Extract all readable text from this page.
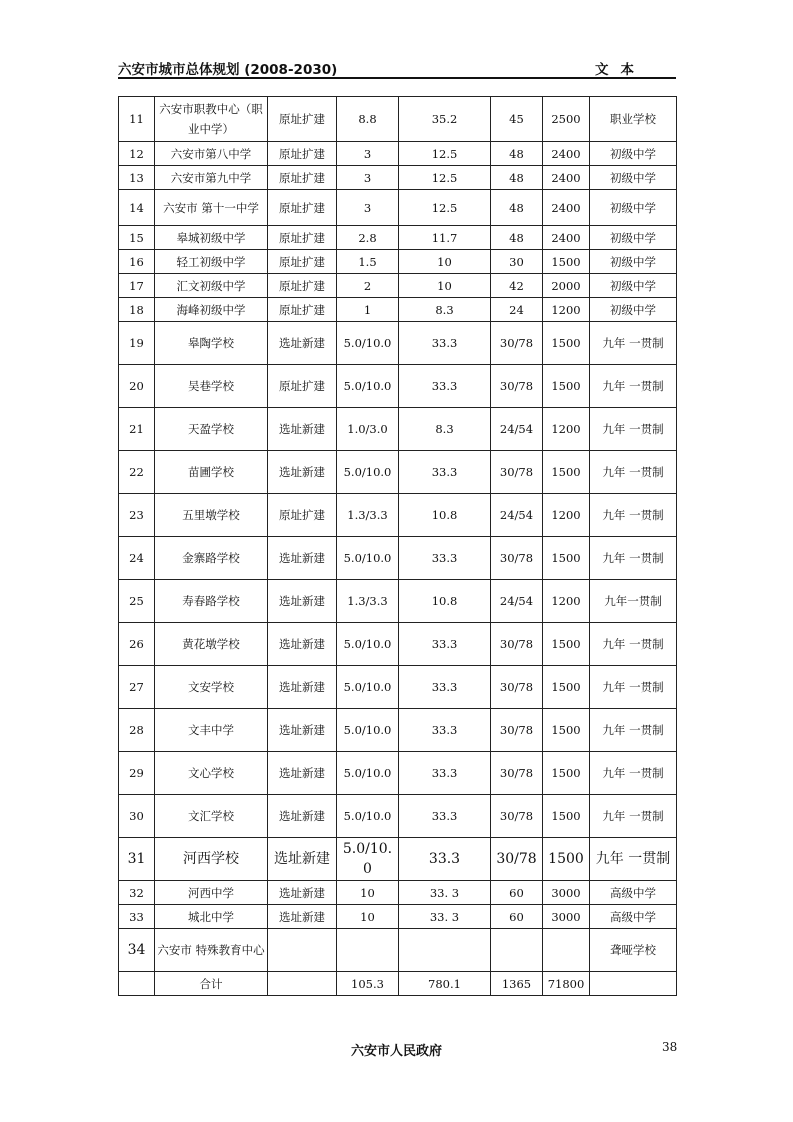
六安市城市总体规划 (2008-2030)	文本
11	六安市职教中心（职业中学）	原址扩建	8.8	35.2	45	2500	职业学校
12	六安市第八中学	原址扩建	3	12.5	48	2400	初级中学
13	六安市第九中学	原址扩建	3	12.5	48	2400	初级中学
14	六安市 第十一中学	原址扩建	3	12.5	48	2400	初级中学
15	皋城初级中学	原址扩建	2.8	11.7	48	2400	初级中学
16	轻工初级中学	原址扩建	1.5	10	30	1500	初级中学
17	汇文初级中学	原址扩建	2	10	42	2000	初级中学
18	海峰初级中学	原址扩建	1	8.3	24	1200	初级中学
19	皋陶学校	选址新建	5.0/10.0	33.3	30/78	1500	九年 一贯制
20	吴巷学校	原址扩建	5.0/10.0	33.3	30/78	1500	九年 一贯制
21	天盈学校	选址新建	1.0/3.0	8.3	24/54	1200	九年 一贯制
22	苗圃学校	选址新建	5.0/10.0	33.3	30/78	1500	九年 一贯制
23	五里墩学校	原址扩建	1.3/3.3	10.8	24/54	1200	九年 一贯制
24	金寨路学校	选址新建	5.0/10.0	33.3	30/78	1500	九年 一贯制
25	寿春路学校	选址新建	1.3/3.3	10.8	24/54	1200	九年一贯制
26	黄花墩学校	选址新建	5.0/10.0	33.3	30/78	1500	九年 一贯制
27	文安学校	选址新建	5.0/10.0	33.3	30/78	1500	九年 一贯制
28	文丰中学	选址新建	5.0/10.0	33.3	30/78	1500	九年 一贯制
29	文心学校	选址新建	5.0/10.0	33.3	30/78	1500	九年 一贯制
30	文汇学校	选址新建	5.0/10.0	33.3	30/78	1500	九年 一贯制
31	河西学校	选址新建	5.0/10.0	33.3	30/78	1500	九年 一贯制
32	河西中学	选址新建	10	33. 3	60	3000	高级中学
33	城北中学	选址新建	10	33. 3	60	3000	高级中学
34	六安市 特殊教育中心						聋哑学校
	合计		105.3	780.1	1365	71800	
六安市人民政府	38
